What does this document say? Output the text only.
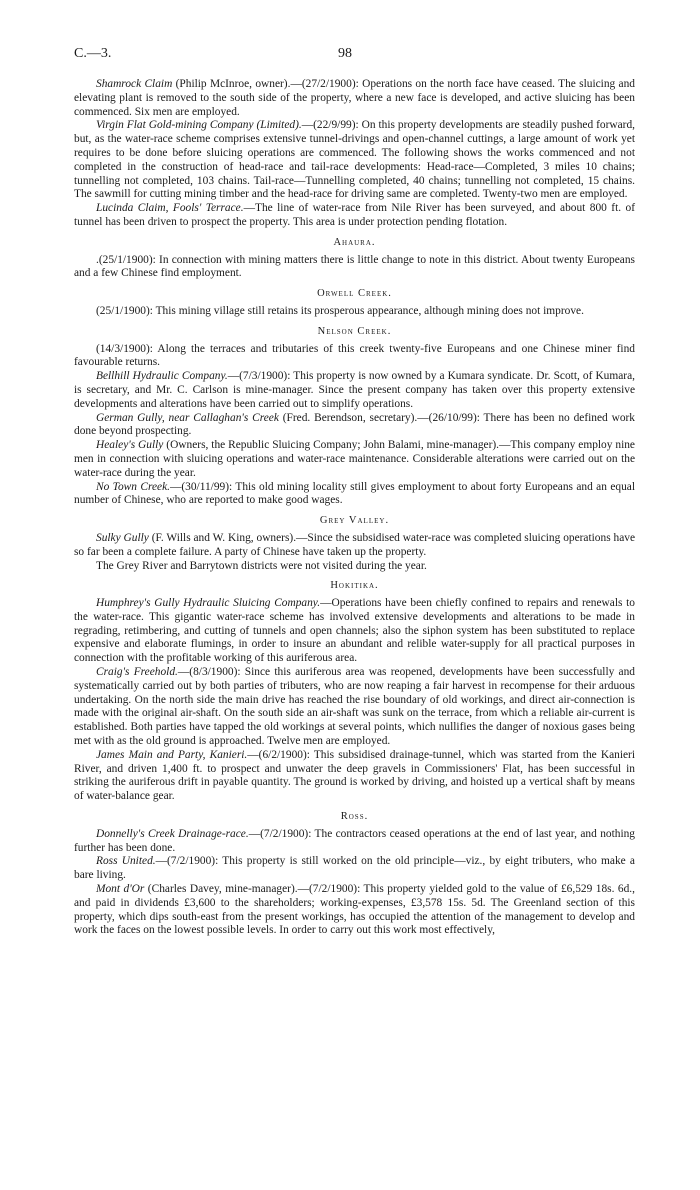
C.—3.	98

Shamrock Claim (Philip McInroe, owner).—(27/2/1900): Operations on the north face have ceased. The sluicing and elevating plant is removed to the south side of the property, where a new face is developed, and active sluicing has been commenced. Six men are employed.

Virgin Flat Gold-mining Company (Limited).—(22/9/99): On this property developments are steadily pushed forward, but, as the water-race scheme comprises extensive tunnel-drivings and open-channel cuttings, a large amount of work yet requires to be done before sluicing operations are commenced. The following shows the works commenced and not completed in the construction of head-race and tail-race developments: Head-race—Completed, 3 miles 10 chains; tunnelling not completed, 103 chains. Tail-race—Tunnelling completed, 40 chains; tunnelling not completed, 15 chains. The sawmill for cutting mining timber and the head-race for driving same are completed. Twenty-two men are employed.

Lucinda Claim, Fools' Terrace.—The line of water-race from Nile River has been surveyed, and about 800 ft. of tunnel has been driven to prospect the property. This area is under protection pending flotation.

Ahaura.

.(25/1/1900): In connection with mining matters there is little change to note in this district. About twenty Europeans and a few Chinese find employment.

Orwell Creek.

(25/1/1900): This mining village still retains its prosperous appearance, although mining does not improve.

Nelson Creek.

(14/3/1900): Along the terraces and tributaries of this creek twenty-five Europeans and one Chinese miner find favourable returns.

Bellhill Hydraulic Company.—(7/3/1900): This property is now owned by a Kumara syndicate. Dr. Scott, of Kumara, is secretary, and Mr. C. Carlson is mine-manager. Since the present company has taken over this property extensive developments and alterations have been carried out to simplify operations.

German Gully, near Callaghan's Creek (Fred. Berendson, secretary).—(26/10/99): There has been no defined work done beyond prospecting.

Healey's Gully (Owners, the Republic Sluicing Company; John Balami, mine-manager).—This company employ nine men in connection with sluicing operations and water-race maintenance. Considerable alterations were carried out on the water-race during the year.

No Town Creek.—(30/11/99): This old mining locality still gives employment to about forty Europeans and an equal number of Chinese, who are reported to make good wages.

Grey Valley.

Sulky Gully (F. Wills and W. King, owners).—Since the subsidised water-race was completed sluicing operations have so far been a complete failure. A party of Chinese have taken up the property.

The Grey River and Barrytown districts were not visited during the year.

Hokitika.

Humphrey's Gully Hydraulic Sluicing Company.—Operations have been chiefly confined to repairs and renewals to the water-race. This gigantic water-race scheme has involved extensive developments and alterations to be made in regrading, retimbering, and cutting of tunnels and open channels; also the siphon system has been substituted to replace expensive and elaborate flumings, in order to insure an abundant and relible water-supply for all practical purposes in connection with the profitable working of this auriferous area.

Craig's Freehold.—(8/3/1900): Since this auriferous area was reopened, developments have been successfully and systematically carried out by both parties of tributers, who are now reaping a fair harvest in recompense for their arduous undertaking. On the north side the main drive has reached the rise boundary of old workings, and direct air-connection is made with the original air-shaft. On the south side an air-shaft was sunk on the terrace, from which a reliable air-current is established. Both parties have tapped the old workings at several points, which nullifies the danger of noxious gases being met with as the old ground is approached. Twelve men are employed.

James Main and Party, Kanieri.—(6/2/1900): This subsidised drainage-tunnel, which was started from the Kanieri River, and driven 1,400 ft. to prospect and unwater the deep gravels in Commissioners' Flat, has been successful in striking the auriferous drift in payable quantity. The ground is worked by driving, and hoisted up a vertical shaft by means of water-balance gear.

Ross.

Donnelly's Creek Drainage-race.—(7/2/1900): The contractors ceased operations at the end of last year, and nothing further has been done.

Ross United.—(7/2/1900): This property is still worked on the old principle—viz., by eight tributers, who make a bare living.

Mont d'Or (Charles Davey, mine-manager).—(7/2/1900): This property yielded gold to the value of £6,529 18s. 6d., and paid in dividends £3,600 to the shareholders; working-expenses, £3,578 15s. 5d. The Greenland section of this property, which dips south-east from the present workings, has occupied the attention of the management to develop and work the faces on the lowest possible levels. In order to carry out this work most effectively,
